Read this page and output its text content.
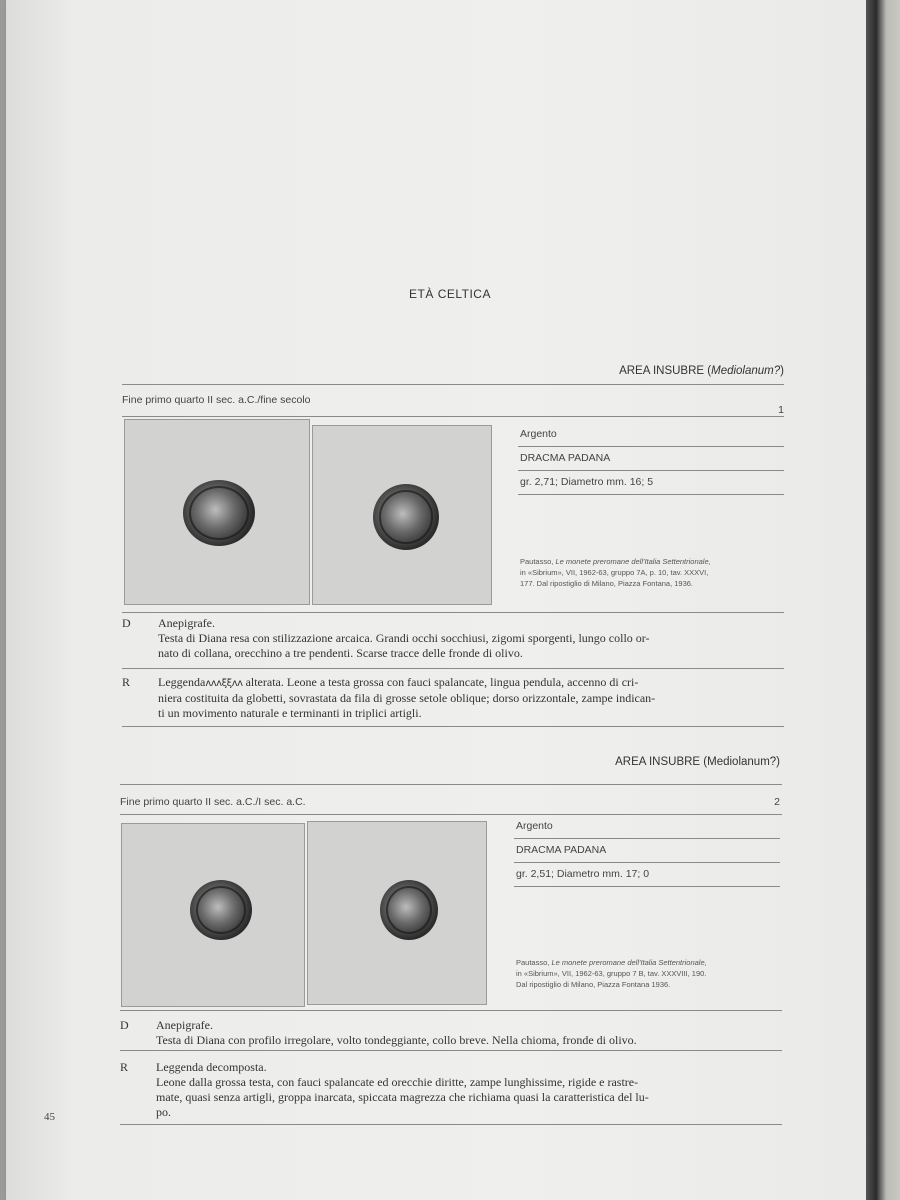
ETÀ CELTICA
AREA INSUBRE (Mediolanum?)
Fine primo quarto II sec. a.C./fine secolo
1
Argento
DRACMA PADANA
gr. 2,71; Diametro mm. 16; 5
Pautasso, Le monete preromane dell'Italia Settentrionale,
in «Sibrium», VII, 1962-63, gruppo 7A, p. 10, tav. XXXVI,
177. Dal ripostiglio di Milano, Piazza Fontana, 1936.
D Anepigrafe.
Testa di Diana resa con stilizzazione arcaica. Grandi occhi socchiusi, zigomi sporgenti, lungo collo or-
nato di collana, orecchino a tre pendenti. Scarse tracce delle fronde di olivo.
R Leggendaʌʌʌξξʌʌ alterata. Leone a testa grossa con fauci spalancate, lingua pendula, accenno di cri-
niera costituita da globetti, sovrastata da fila di grosse setole oblique; dorso orizzontale, zampe indican-
ti un movimento naturale e terminanti in triplici artigli.
AREA INSUBRE (Mediolanum?)
Fine primo quarto II sec. a.C./I sec. a.C.	2
Argento
DRACMA PADANA
gr. 2,51; Diametro mm. 17; 0
Pautasso, Le monete preromane dell'Italia Settentrionale,
in «Sibrium», VII, 1962-63, gruppo 7 B, tav. XXXVIII, 190.
Dal ripostiglio di Milano, Piazza Fontana 1936.
D Anepigrafe.
Testa di Diana con profilo irregolare, volto tondeggiante, collo breve. Nella chioma, fronde di olivo.
R Leggenda decomposta.
Leone dalla grossa testa, con fauci spalancate ed orecchie diritte, zampe lunghissime, rigide e rastre-
mate, quasi senza artigli, groppa inarcata, spiccata magrezza che richiama quasi la caratteristica del lu-
po.
45
